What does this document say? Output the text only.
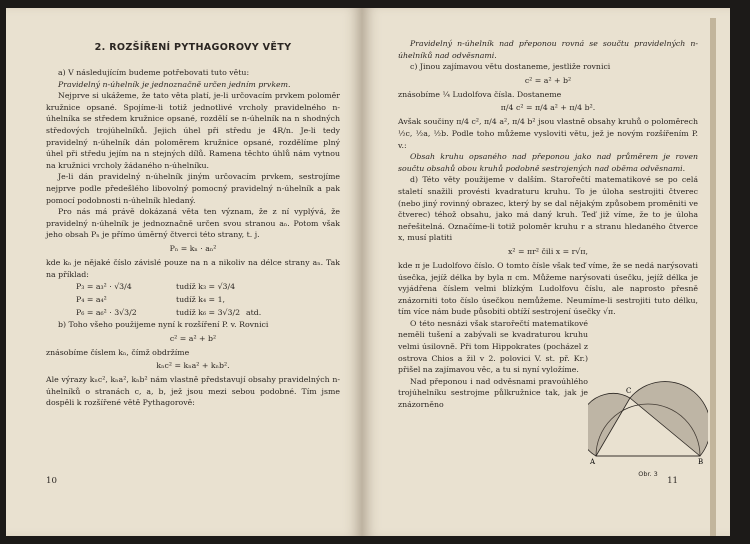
2. ROZŠÍŘENÍ PYTHAGOROVY VĚTY

a) V následujícím budeme potřebovati tuto větu:

Pravidelný n-úhelník je jednoznačně určen jedním prvkem.

Nejprve si ukážeme, že tato věta platí, je-li určovacím prvkem poloměr kružnice opsané. Spojíme-li totiž jednotlivé vrcholy pravidelného n-úhelníka se středem kružnice opsané, rozdělí se n-úhelník na n shodných středových trojúhelníků. Jejich úhel při středu je 4R/n. Je-li tedy pravidelný n-úhelník dán poloměrem kružnice opsané, rozdělíme plný úhel při středu jejím na n stejných dílů. Ramena těchto úhlů nám vytnou na kružnici vrcholy žádaného n-úhelníku.

Je-li dán pravidelný n-úhelník jiným určovacím prvkem, sestrojíme nejprve podle předešlého libovolný pomocný pravidelný n-úhelník a pak pomocí podobnosti n-úhelník hledaný.

Pro nás má právě dokázaná věta ten význam, že z ní vyplývá, že pravidelný n-úhelník je jednoznačně určen svou stranou aₙ. Potom však jeho obsah Pₙ je přímo úměrný čtverci této strany, t. j.

Pₙ = kₙ · aₙ²

kde kₙ je nějaké číslo závislé pouze na n a nikoliv na délce strany aₙ. Tak na příklad:

P₃ = a₃² · √3/4	tudíž k₃ = √3/4
P₄ = a₄²	tudíž k₄ = 1,
P₆ = a₆² · 3√3/2	tudíž k₆ = 3√3/2 atd.

b) Toho všeho použijeme nyní k rozšíření P. v. Rovnici

c² = a² + b²

znásobíme číslem kₙ, čímž obdržíme

kₙc² = kₙa² + kₙb².

Ale výrazy kₙc², kₙa², kₙb² nám vlastně představují obsahy pravidelných n-úhelníků o stranách c, a, b, jež jsou mezi sebou podobné. Tím jsme dospěli k rozšířené větě Pythagorově:

10

Pravidelný n-úhelník nad přeponou rovná se součtu pravidelných n-úhelníků nad odvěsnami.

c) Jinou zajímavou větu dostaneme, jestliže rovnici

c² = a² + b²

znásobíme ¼ Ludolfova čísla. Dostaneme

π/4 c² = π/4 a² + π/4 b².

Avšak součiny π/4 c², π/4 a², π/4 b² jsou vlastně obsahy kruhů o poloměrech ½c, ½a, ½b. Podle toho můžeme vysloviti větu, jež je novým rozšířením P. v.:

Obsah kruhu opsaného nad přeponou jako nad průměrem je roven součtu obsahů obou kruhů podobně sestrojených nad oběma odvěsnami.

d) Této věty použijeme v dalším. Starořečtí matematikové se po celá staletí snažili provésti kvadraturu kruhu. To je úloha sestrojiti čtverec (nebo jiný rovinný obrazec, který by se dal nějakým způsobem proměniti ve čtverec) téhož obsahu, jako má daný kruh. Teď již víme, že to je úloha neřešitelná. Označíme-li totiž poloměr kruhu r a stranu hledaného čtverce x, musí platiti

x² = πr² čili x = r√π,

kde π je Ludolfovo číslo. O tomto čísle však teď víme, že se nedá narýsovati úsečka, jejíž délka by byla π cm. Můžeme narýsovati úsečku, jejíž délka je vyjádřena číslem velmi blízkým Ludolfovu číslu, ale naprosto přesně znázorniti toto číslo úsečkou nemůžeme. Neumíme-li sestrojiti tuto délku, tím více nám bude působiti obtíží sestrojení úsečky √π.

O této nesnázi však starořečtí matematikové neměli tušení a zabývali se kvadraturou kruhu velmi úsilovně. Při tom Hippokrates (pocházel z ostrova Chios a žil v 2. polovici V. st. př. Kr.) přišel na zajímavou věc, a tu si nyní vyložíme.

Nad přeponou i nad odvěsnami pravoúhlého trojúhelníku sestrojme půlkružnice tak, jak je znázorněno

A	B
C
Obr. 3
11
